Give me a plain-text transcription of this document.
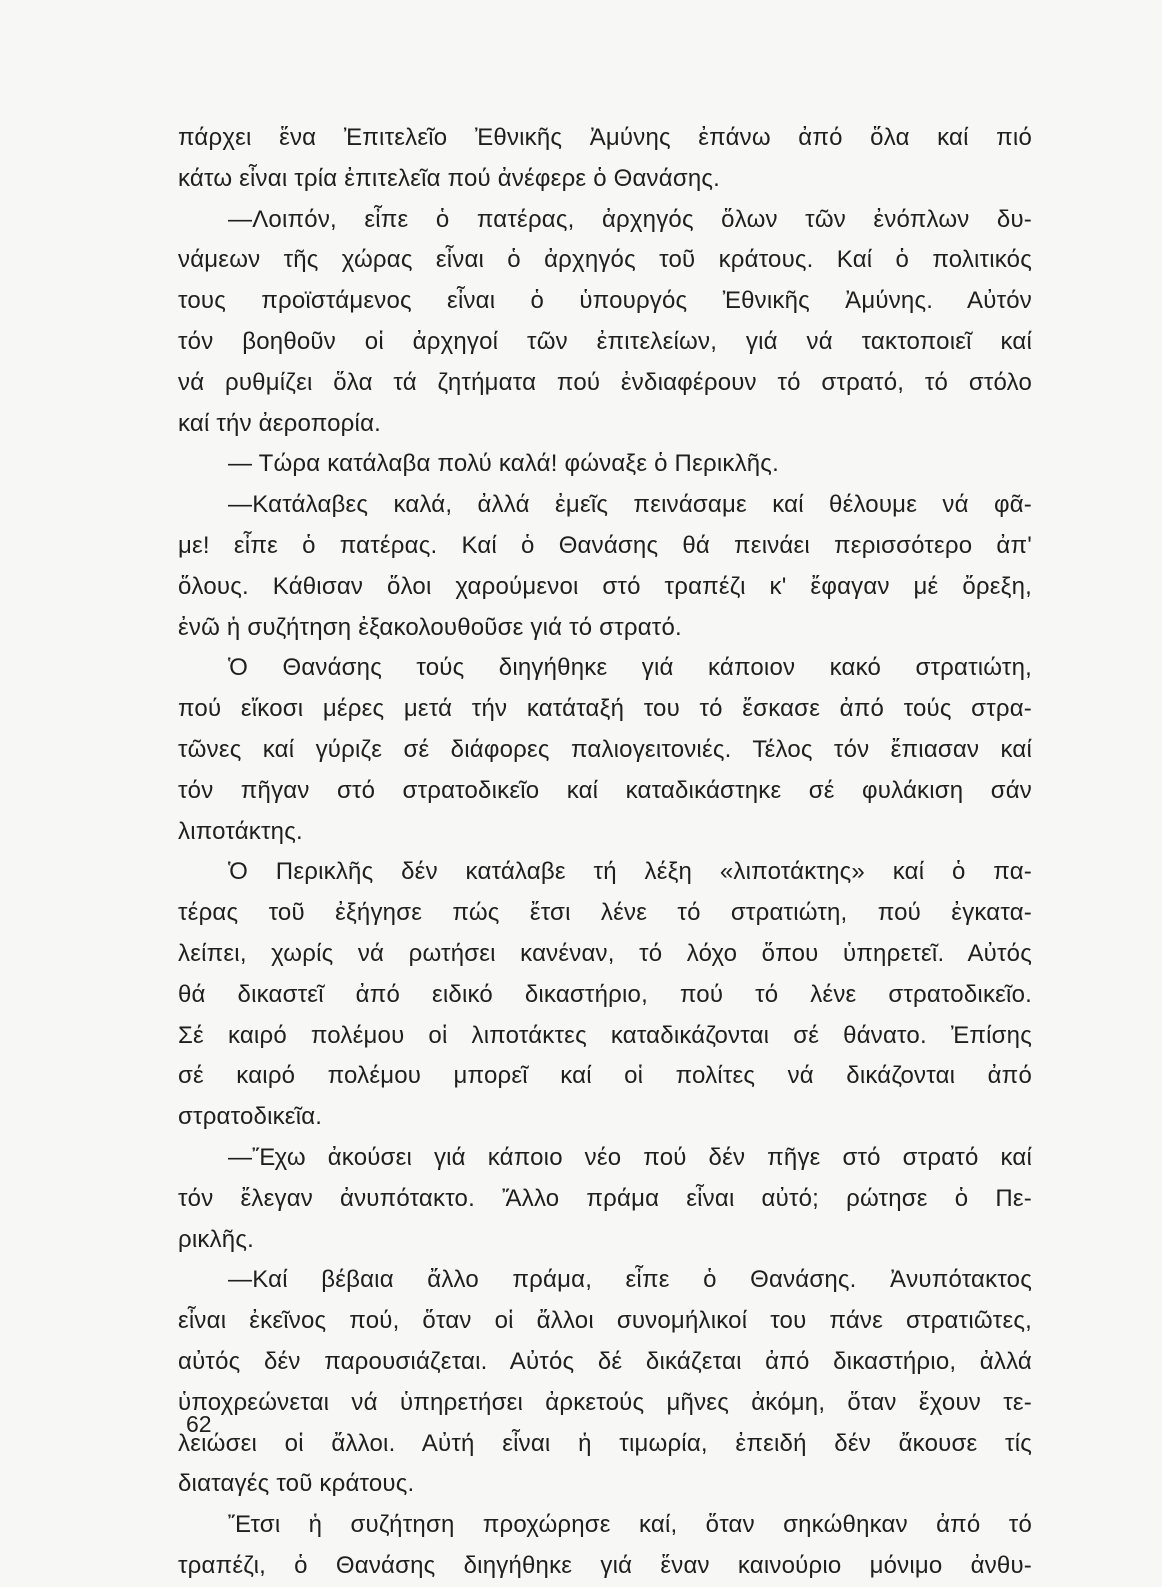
πάρχει ἕνα Ἐπιτελεῖο Ἐθνικῆς Ἀμύνης ἐπάνω ἀπό ὅλα καί πιό
κάτω εἶναι τρία ἐπιτελεῖα πού ἀνέφερε ὁ Θανάσης.
—Λοιπόν, εἶπε ὁ πατέρας, ἀρχηγός ὅλων τῶν ἐνόπλων δυ-
νάμεων τῆς χώρας εἶναι ὁ ἀρχηγός τοῦ κράτους. Καί ὁ πολιτικός
τους προϊστάμενος εἶναι ὁ ὑπουργός Ἐθνικῆς Ἀμύνης. Αὐτόν
τόν βοηθοῦν οἱ ἀρχηγοί τῶν ἐπιτελείων, γιά νά τακτοποιεῖ καί
νά ρυθμίζει ὅλα τά ζητήματα πού ἐνδιαφέρουν τό στρατό, τό στόλο
καί τήν ἀεροπορία.
— Τώρα κατάλαβα πολύ καλά! φώναξε ὁ Περικλῆς.
—Κατάλαβες καλά, ἀλλά ἐμεῖς πεινάσαμε καί θέλουμε νά φᾶ-
με! εἶπε ὁ πατέρας. Καί ὁ Θανάσης θά πεινάει περισσότερο ἀπ'
ὅλους. Κάθισαν ὅλοι χαρούμενοι στό τραπέζι κ' ἔφαγαν μέ ὄρεξη,
ἐνῶ ἡ συζήτηση ἐξακολουθοῦσε γιά τό στρατό.
Ὁ Θανάσης τούς διηγήθηκε γιά κάποιον κακό στρατιώτη,
πού εἴκοσι μέρες μετά τήν κατάταξή του τό ἔσκασε ἀπό τούς στρα-
τῶνες καί γύριζε σέ διάφορες παλιογειτονιές. Τέλος τόν ἔπιασαν καί
τόν πῆγαν στό στρατοδικεῖο καί καταδικάστηκε σέ φυλάκιση σάν
λιποτάκτης.
Ὁ Περικλῆς δέν κατάλαβε τή λέξη «λιποτάκτης» καί ὁ πα-
τέρας τοῦ ἐξήγησε πώς ἔτσι λένε τό στρατιώτη, πού ἐγκατα-
λείπει, χωρίς νά ρωτήσει κανέναν, τό λόχο ὅπου ὑπηρετεῖ. Αὐτός
θά δικαστεῖ ἀπό ειδικό δικαστήριο, πού τό λένε στρατοδικεῖο.
Σέ καιρό πολέμου οἱ λιποτάκτες καταδικάζονται σέ θάνατο. Ἐπίσης
σέ καιρό πολέμου μπορεῖ καί οἱ πολίτες νά δικάζονται ἀπό
στρατοδικεῖα.
—Ἔχω ἀκούσει γιά κάποιο νέο πού δέν πῆγε στό στρατό καί
τόν ἔλεγαν ἀνυπότακτο. Ἄλλο πράμα εἶναι αὐτό; ρώτησε ὁ Πε-
ρικλῆς.
—Καί βέβαια ἄλλο πράμα, εἶπε ὁ Θανάσης. Ἀνυπότακτος
εἶναι ἐκεῖνος πού, ὅταν οἱ ἄλλοι συνομήλικοί του πάνε στρατιῶτες,
αὐτός δέν παρουσιάζεται. Αὐτός δέ δικάζεται ἀπό δικαστήριο, ἀλλά
ὑποχρεώνεται νά ὑπηρετήσει ἀρκετούς μῆνες ἀκόμη, ὅταν ἔχουν τε-
λειώσει οἱ ἄλλοι. Αὐτή εἶναι ἡ τιμωρία, ἐπειδή δέν ἄκουσε τίς
διαταγές τοῦ κράτους.
Ἔτσι ἡ συζήτηση προχώρησε καί, ὅταν σηκώθηκαν ἀπό τό
τραπέζι, ὁ Θανάσης διηγήθηκε γιά ἕναν καινούριο μόνιμο ἀνθυ-
62
